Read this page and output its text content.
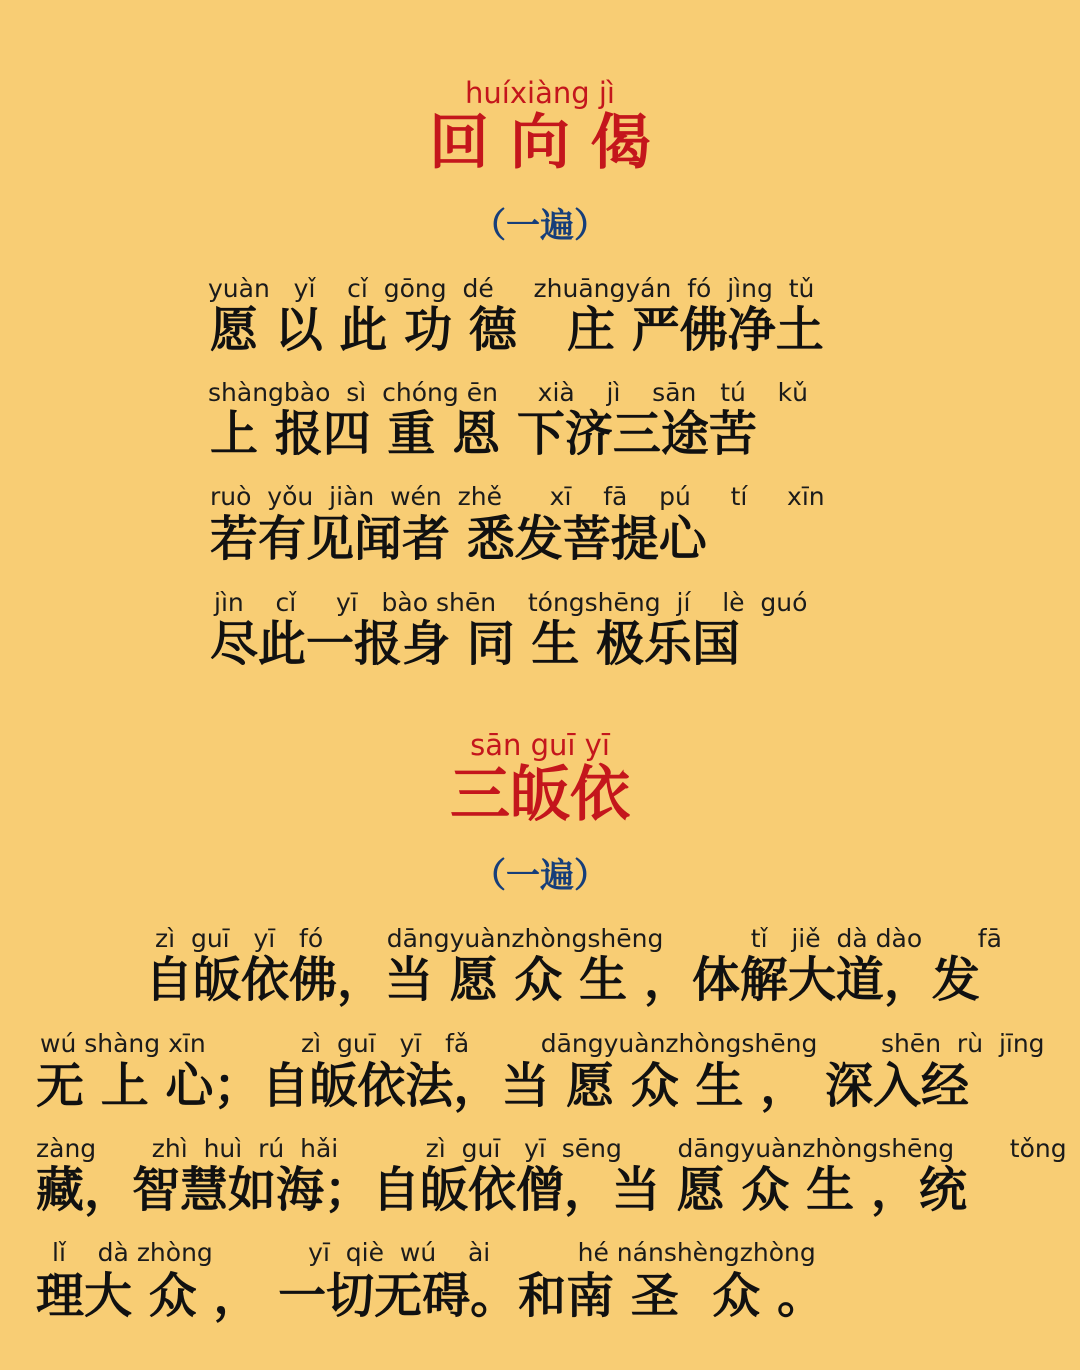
huíxiàng jì
回 向 偈
（一遍）
yuàn   yǐ    cǐ  gōng  dé     zhuāngyán  fó  jìng  tǔ
愿 以 此 功 德   庄 严佛净土
shàngbào  sì  chóng ēn     xià    jì    sān   tú    kǔ
上 报四 重 恩 下济三途苦
ruò  yǒu  jiàn  wén  zhě      xī    fā    pú     tí     xīn
若有见闻者 悉发菩提心
jìn    cǐ     yī   bào shēn    tóngshēng  jí    lè  guó
尽此一报身 同 生 极乐国
sān guī yī
三皈依
（一遍）
zì  guī   yī   fó        dāngyuànzhòngshēng           tǐ   jiě  dà dào       fā
自皈依佛，当 愿 众 生 ，体解大道，发
wú shàng xīn            zì  guī   yī   fǎ         dāngyuànzhòngshēng        shēn  rù  jīng
无 上 心；自皈依法，当 愿 众 生 ， 深入经
zàng       zhì  huì  rú  hǎi           zì  guī   yī  sēng       dāngyuànzhòngshēng       tǒng
藏，智慧如海；自皈依僧，当 愿 众 生 ，统
lǐ    dà zhòng            yī  qiè  wú    ài           hé nánshèngzhòng
理大 众 ， 一切无碍。和南 圣  众 。
